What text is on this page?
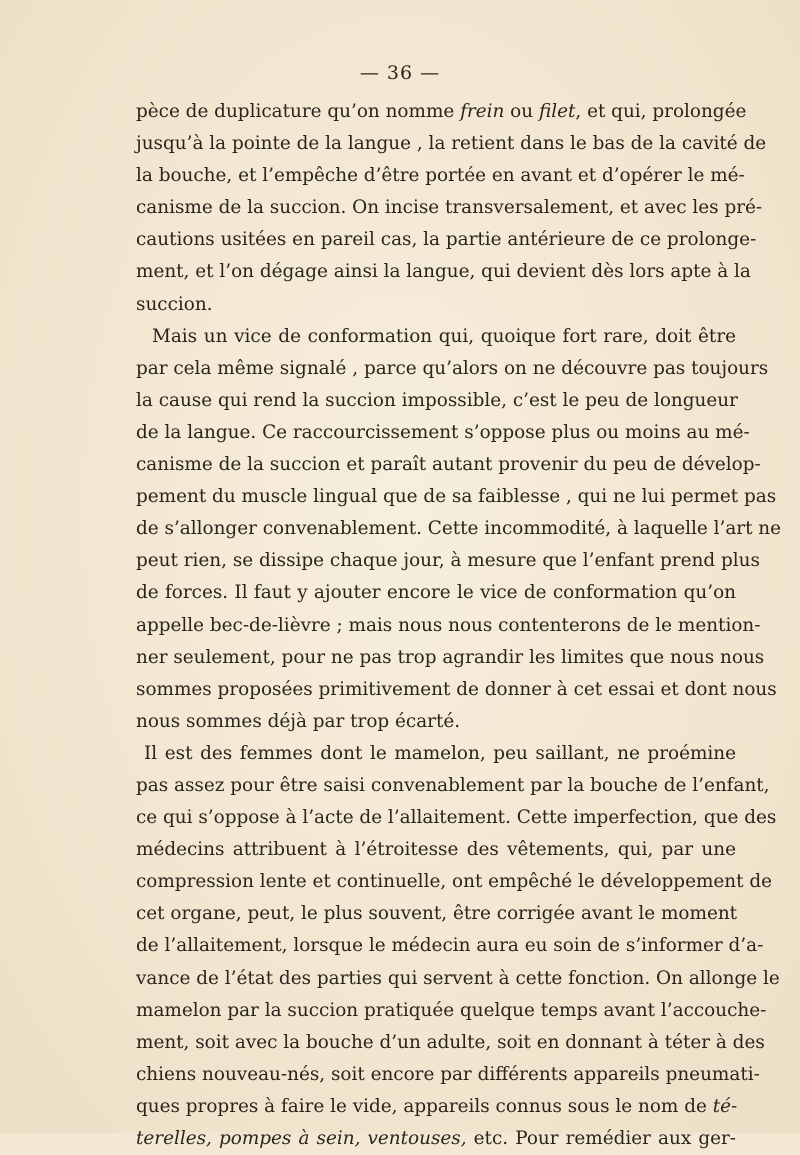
— 36 —
pèce de duplicature qu’on nomme frein ou filet, et qui, prolongée
jusqu’à la pointe de la langue , la retient dans le bas de la cavité de
la bouche, et l’empêche d’être portée en avant et d’opérer le mé-
canisme de la succion. On incise transversalement, et avec les pré-
cautions usitées en pareil cas, la partie antérieure de ce prolonge-
ment, et l’on dégage ainsi la langue, qui devient dès lors apte à la
succion.
Mais un vice de conformation qui, quoique fort rare, doit être
par cela même signalé , parce qu’alors on ne découvre pas toujours
la cause qui rend la succion impossible, c’est le peu de longueur
de la langue. Ce raccourcissement s’oppose plus ou moins au mé-
canisme de la succion et paraît autant provenir du peu de dévelop-
pement du muscle lingual que de sa faiblesse , qui ne lui permet pas
de s’allonger convenablement. Cette incommodité, à laquelle l’art ne
peut rien, se dissipe chaque jour, à mesure que l’enfant prend plus
de forces. Il faut y ajouter encore le vice de conformation qu’on
appelle bec-de-lièvre ; mais nous nous contenterons de le mention-
ner seulement, pour ne pas trop agrandir les limites que nous nous
sommes proposées primitivement de donner à cet essai et dont nous
nous sommes déjà par trop écarté.
Il est des femmes dont le mamelon, peu saillant, ne proémine
pas assez pour être saisi convenablement par la bouche de l’enfant,
ce qui s’oppose à l’acte de l’allaitement. Cette imperfection, que des
médecins attribuent à l’étroitesse des vêtements, qui, par une
compression lente et continuelle, ont empêché le développement de
cet organe, peut, le plus souvent, être corrigée avant le moment
de l’allaitement, lorsque le médecin aura eu soin de s’informer d’a-
vance de l’état des parties qui servent à cette fonction. On allonge le
mamelon par la succion pratiquée quelque temps avant l’accouche-
ment, soit avec la bouche d’un adulte, soit en donnant à téter à des
chiens nouveau-nés, soit encore par différents appareils pneumati-
ques propres à faire le vide, appareils connus sous le nom de té-
terelles, pompes à sein, ventouses, etc. Pour remédier aux ger-
